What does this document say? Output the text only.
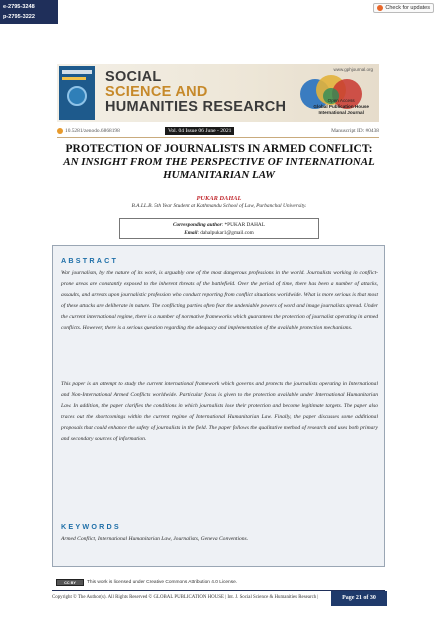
e-2795-3248
p-2795-3222
Check for updates
SOCIAL
SCIENCE AND
HUMANITIES RESEARCH
www.gphjournal.org
Open Access
Global Publication House
International Journal
10.5281/zenodo.6868198	Vol. 04 Issue 06 June - 2021	Manuscript ID: #0438
PROTECTION OF JOURNALISTS IN ARMED CONFLICT:
AN INSIGHT FROM THE PERSPECTIVE OF INTERNATIONAL
HUMANITARIAN LAW
PUKAR DAHAL
B.A.LL.B. 5th Year Student at Kathmandu School of Law, Purbanchal University.
Corresponding author: *PUKAR DAHAL
Email: dahalpukar1@gmail.com
ABSTRACT
War journalism, by the nature of its work, is arguably one of the most dangerous professions in the world. Journalists working in conflict-prone areas are constantly exposed to the inherent threats of the battlefield. Over the period of time, there has been a number of attacks, assaults, and arrests upon journalistic profession who conduct reporting from conflict situations worldwide. What is more serious is that most of these attacks are deliberate in nature. The conflicting parties often fear the undeniable powers of word and image journalists spread. Under the current international regime, there is a number of normative frameworks which guarantees the protection of journalist operating in armed conflicts. However, there is a serious question regarding the adequacy and implementation of the available protection mechanisms.
This paper is an attempt to study the current international framework which governs and protects the journalists operating in International and Non-International Armed Conflicts worldwide. Particular focus is given to the protection available under International Humanitarian Law. In addition, the paper clarifies the conditions in which journalists lose their protection and become legitimate targets. The paper also traces out the shortcomings within the current regime of International Humanitarian Law. Finally, the paper discusses some additional proposals that could enhance the safety of journalists in the field. The paper follows the qualitative method of research and uses both primary and secondary sources of information.
KEYWORDS
Armed Conflict, International Humanitarian Law, Journalists, Geneva Conventions.
CC BY	This work is licensed under Creative Commons Attribution 4.0 License.
Copyright © The Author(s). All Rights Reserved © GLOBAL PUBLICATION HOUSE | Int. J. Social Science & Humanities Research |	Page 21 of 30
